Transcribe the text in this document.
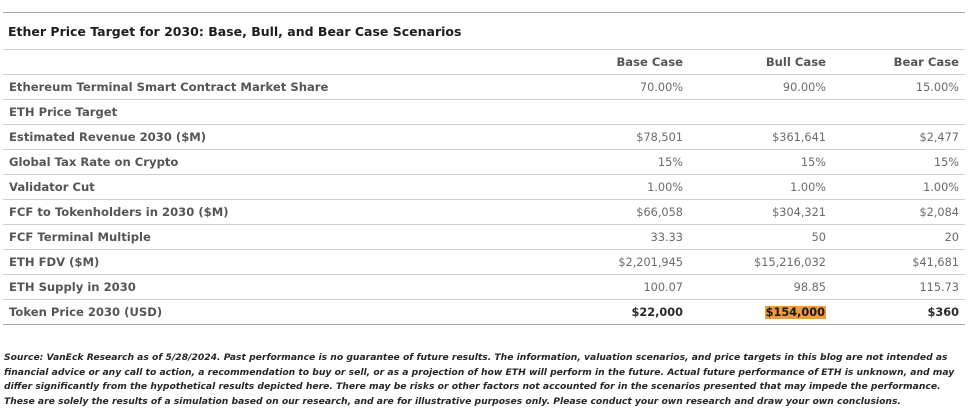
Ether Price Target for 2030: Base, Bull, and Bear Case Scenarios
	Base Case	Bull Case	Bear Case
Ethereum Terminal Smart Contract Market Share	70.00%	90.00%	15.00%
ETH Price Target			
Estimated Revenue 2030 ($M)	$78,501	$361,641	$2,477
Global Tax Rate on Crypto	15%	15%	15%
Validator Cut	1.00%	1.00%	1.00%
FCF to Tokenholders in 2030 ($M)	$66,058	$304,321	$2,084
FCF Terminal Multiple	33.33	50	20
ETH FDV ($M)	$2,201,945	$15,216,032	$41,681
ETH Supply in 2030	100.07	98.85	115.73
Token Price 2030 (USD)	$22,000	$154,000	$360
Source: VanEck Research as of 5/28/2024. Past performance is no guarantee of future results. The information, valuation scenarios, and price targets in this blog are not intended as financial advice or any call to action, a recommendation to buy or sell, or as a projection of how ETH will perform in the future. Actual future performance of ETH is unknown, and may differ significantly from the hypothetical results depicted here. There may be risks or other factors not accounted for in the scenarios presented that may impede the performance. These are solely the results of a simulation based on our research, and are for illustrative purposes only. Please conduct your own research and draw your own conclusions.
